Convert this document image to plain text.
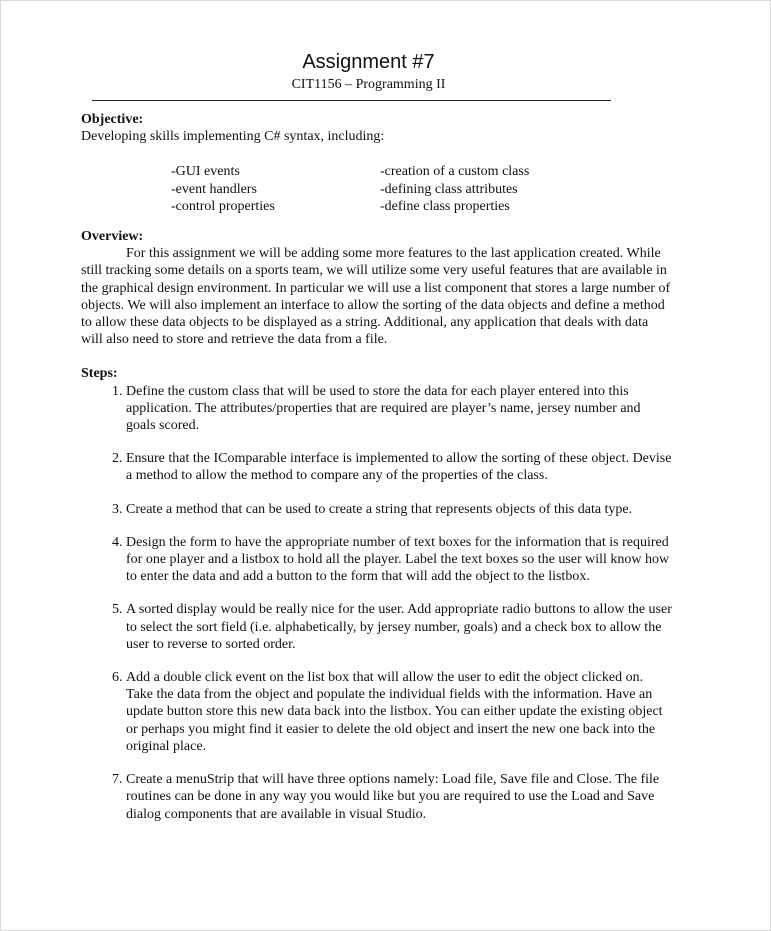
Assignment #7
CIT1156 – Programming II

Objective:

Developing skills implementing C# syntax, including:

-GUI events
-event handlers
-control properties
-creation of a custom class
-defining class attributes
-define class properties

Overview:

For this assignment we will be adding some more features to the last application created. While still tracking some details on a sports team, we will utilize some very useful features that are available in the graphical design environment. In particular we will use a list component that stores a large number of objects. We will also implement an interface to allow the sorting of the data objects and define a method to allow these data objects to be displayed as a string. Additional, any application that deals with data will also need to store and retrieve the data from a file.

Steps:

1. Define the custom class that will be used to store the data for each player entered into this application. The attributes/properties that are required are player’s name, jersey number and goals scored.
2. Ensure that the IComparable interface is implemented to allow the sorting of these object. Devise a method to allow the method to compare any of the properties of the class.
3. Create a method that can be used to create a string that represents objects of this data type.
4. Design the form to have the appropriate number of text boxes for the information that is required for one player and a listbox to hold all the player. Label the text boxes so the user will know how to enter the data and add a button to the form that will add the object to the listbox.
5. A sorted display would be really nice for the user. Add appropriate radio buttons to allow the user to select the sort field (i.e. alphabetically, by jersey number, goals) and a check box to allow the user to reverse to sorted order.
6. Add a double click event on the list box that will allow the user to edit the object clicked on. Take the data from the object and populate the individual fields with the information. Have an update button store this new data back into the listbox. You can either update the existing object or perhaps you might find it easier to delete the old object and insert the new one back into the original place.
7. Create a menuStrip that will have three options namely: Load file, Save file and Close. The file routines can be done in any way you would like but you are required to use the Load and Save dialog components that are available in visual Studio.
